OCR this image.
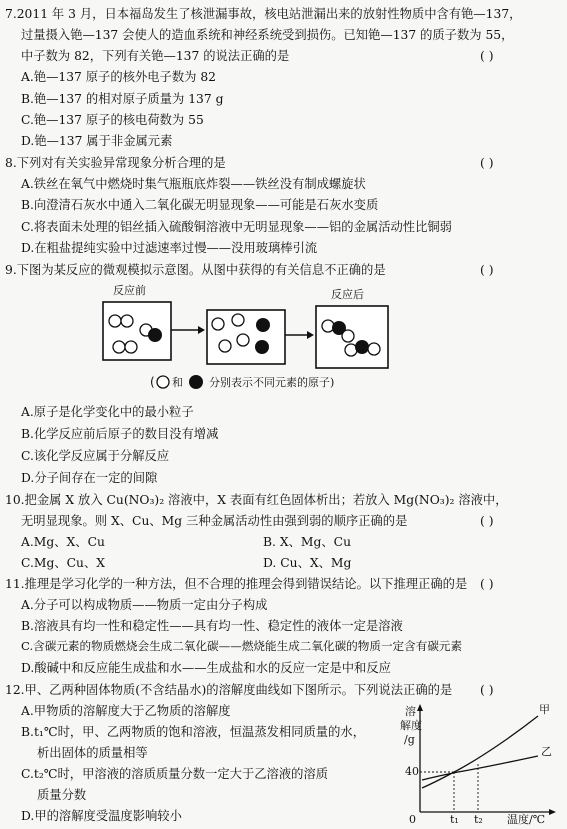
7.2011 年 3 月，日本福岛发生了核泄漏事故，核电站泄漏出来的放射性物质中含有铯—137，
过量摄入铯—137 会使人的造血系统和神经系统受到损伤。已知铯—137 的质子数为 55，
中子数为 82，下列有关铯—137 的说法正确的是	( )
A.铯—137 原子的核外电子数为 82
B.铯—137 的相对原子质量为 137 g
C.铯—137 原子的核电荷数为 55
D.铯—137 属于非金属元素
8.下列对有关实验异常现象分析合理的是	( )
A.铁丝在氧气中燃烧时集气瓶瓶底炸裂——铁丝没有制成螺旋状
B.向澄清石灰水中通入二氧化碳无明显现象——可能是石灰水变质
C.将表面未处理的铝丝插入硫酸铜溶液中无明显现象——铝的金属活动性比铜弱
D.在粗盐提纯实验中过滤速率过慢——没用玻璃棒引流
9.下图为某反应的微观模拟示意图。从图中获得的有关信息不正确的是	( )
反应前	反应后
( 和 分别表示不同元素的原子)
A.原子是化学变化中的最小粒子
B.化学反应前后原子的数目没有增减
C.该化学反应属于分解反应
D.分子间存在一定的间隙
10.把金属 X 放入 Cu(NO₃)₂ 溶液中，X 表面有红色固体析出；若放入 Mg(NO₃)₂ 溶液中，
无明显现象。则 X、Cu、Mg 三种金属活动性由强到弱的顺序正确的是	( )
A.Mg、X、Cu	B. X、Mg、Cu
C.Mg、Cu、X	D. Cu、X、Mg
11.推理是学习化学的一种方法，但不合理的推理会得到错误结论。以下推理正确的是 ( )
A.分子可以构成物质——物质一定由分子构成
B.溶液具有均一性和稳定性——具有均一性、稳定性的液体一定是溶液
C.含碳元素的物质燃烧会生成二氧化碳——燃烧能生成二氧化碳的物质一定含有碳元素
D.酸碱中和反应能生成盐和水——生成盐和水的反应一定是中和反应
12.甲、乙两种固体物质(不含结晶水)的溶解度曲线如下图所示。下列说法正确的是 ( )
A.甲物质的溶解度大于乙物质的溶解度
B.t₁℃时，甲、乙两物质的饱和溶液，恒温蒸发相同质量的水，
析出固体的质量相等
C.t₂℃时，甲溶液的溶质质量分数一定大于乙溶液的溶质
质量分数
D.甲的溶解度受温度影响较小
溶
解度
/g
40
0	t₁ t₂ 温度/℃
甲
乙
